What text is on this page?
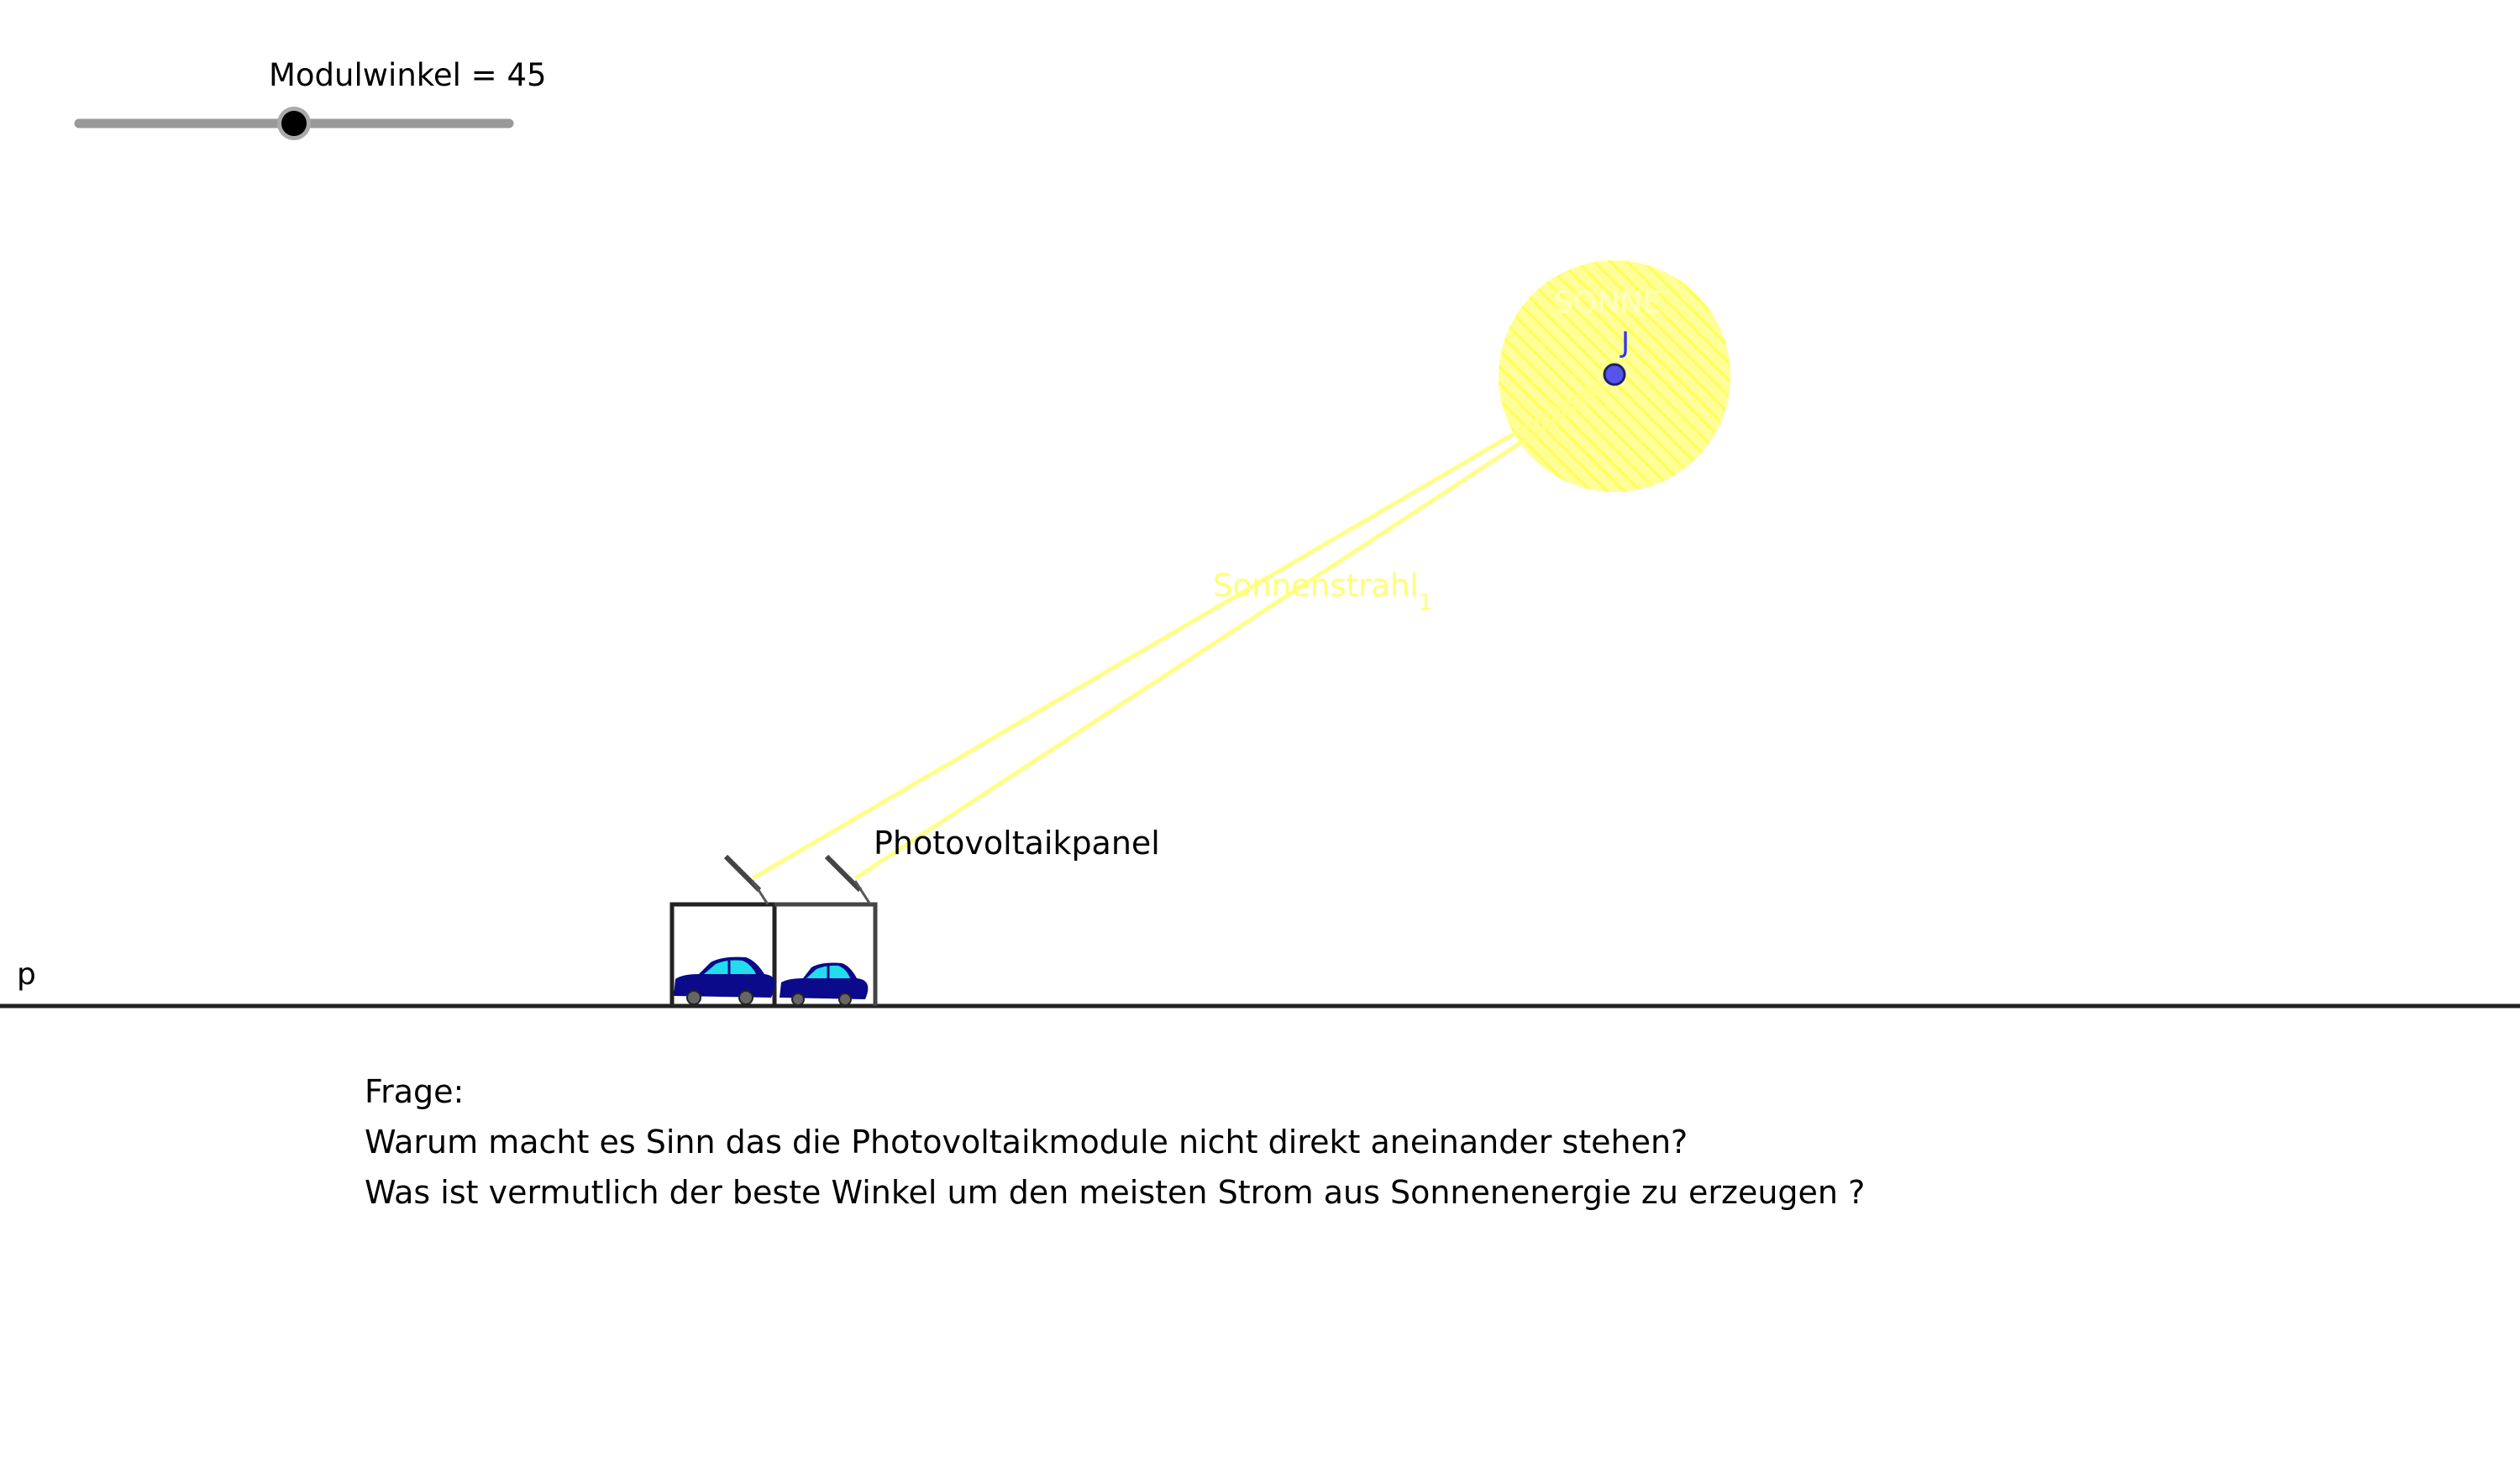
Modulwinkel = 45
SONNE
J
Sonnenstrahl$_1$
Photovoltaikpanel
p
Frage:
Warum macht es Sinn das die Photovoltaikmodule nicht direkt aneinander stehen?
Was ist vermutlich der beste Winkel um den meisten Strom aus Sonnenenergie zu erzeugen ?
